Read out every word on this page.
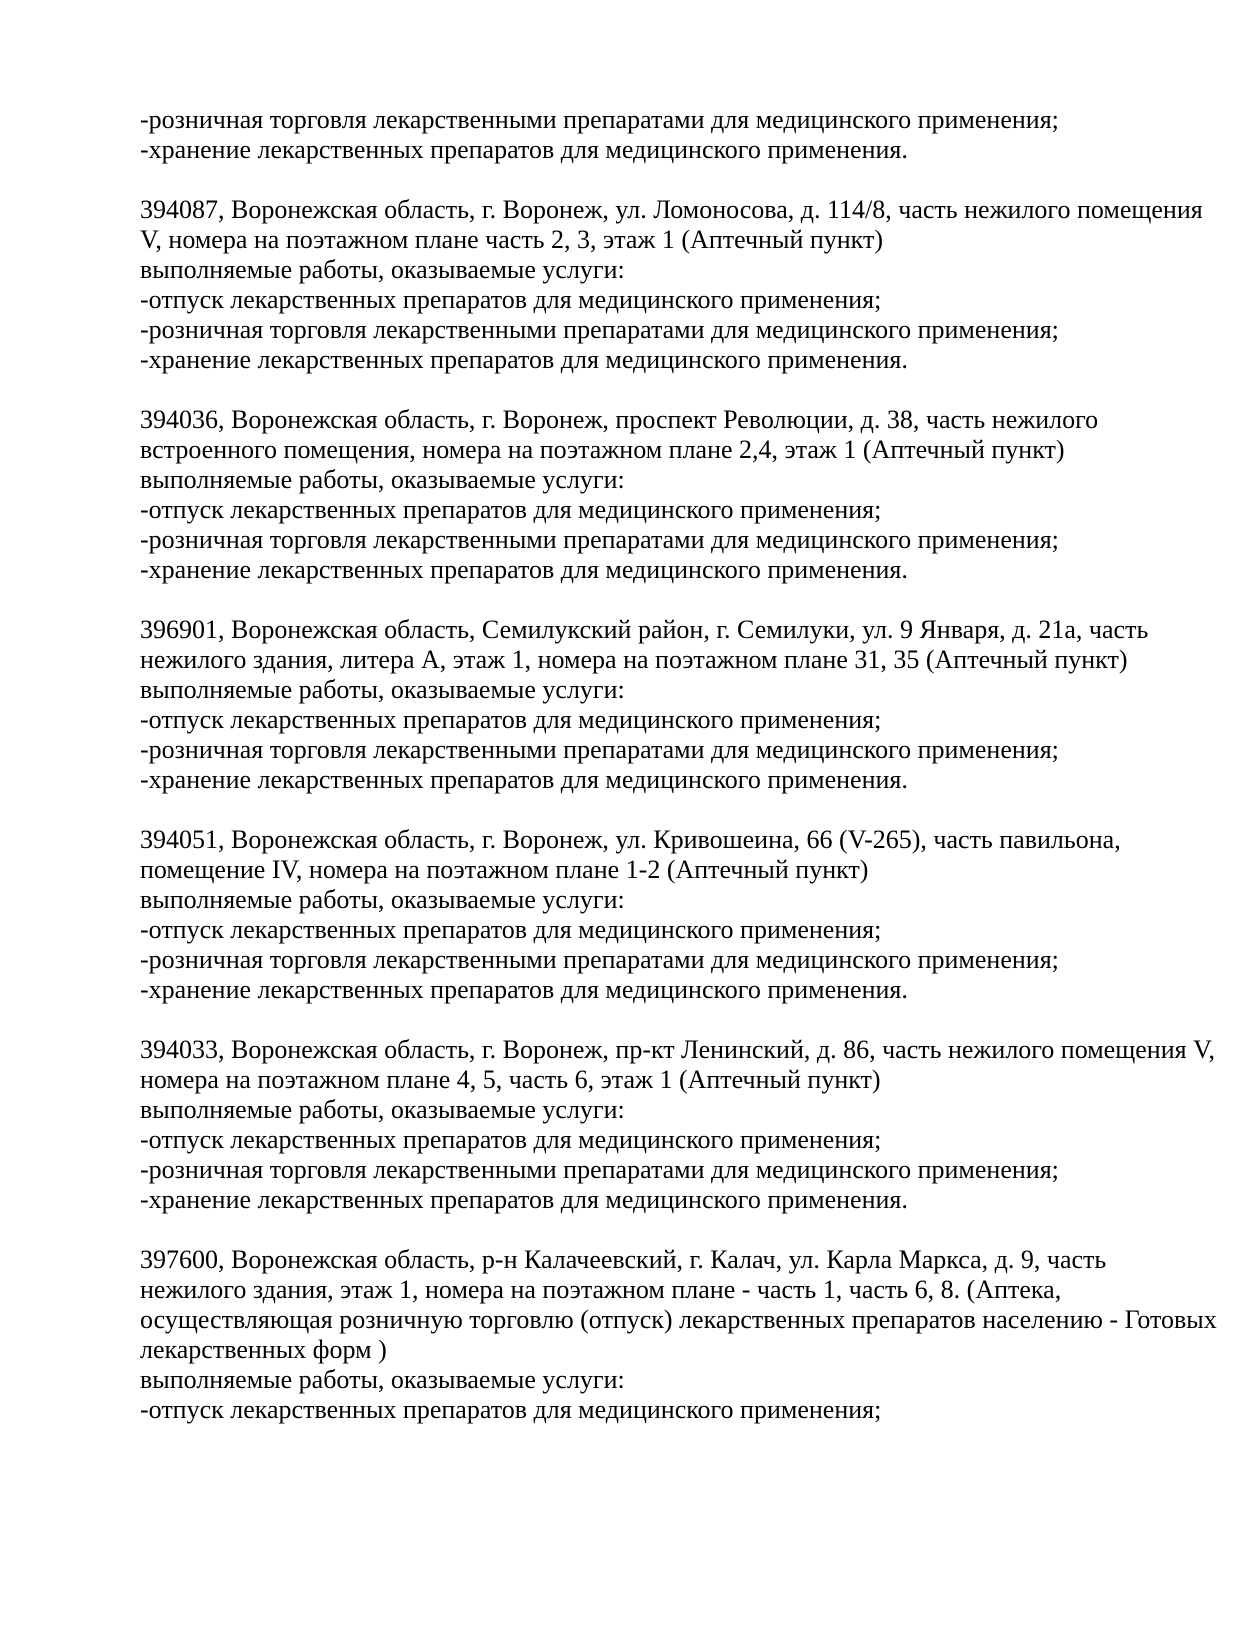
-розничная торговля лекарственными препаратами для медицинского применения;
-хранение лекарственных препаратов для медицинского применения.
394087, Воронежская область, г. Воронеж, ул. Ломоносова, д. 114/8, часть нежилого помещения
V, номера на поэтажном плане часть 2, 3, этаж 1 (Аптечный пункт)
выполняемые работы, оказываемые услуги:
-отпуск лекарственных препаратов для медицинского применения;
-розничная торговля лекарственными препаратами для медицинского применения;
-хранение лекарственных препаратов для медицинского применения.
394036, Воронежская область, г. Воронеж, проспект Революции, д. 38, часть нежилого
встроенного помещения, номера на поэтажном плане 2,4, этаж 1 (Аптечный пункт)
выполняемые работы, оказываемые услуги:
-отпуск лекарственных препаратов для медицинского применения;
-розничная торговля лекарственными препаратами для медицинского применения;
-хранение лекарственных препаратов для медицинского применения.
396901, Воронежская область, Семилукский район, г. Семилуки, ул. 9 Января, д. 21а, часть
нежилого здания, литера А, этаж 1, номера на поэтажном плане 31, 35 (Аптечный пункт)
выполняемые работы, оказываемые услуги:
-отпуск лекарственных препаратов для медицинского применения;
-розничная торговля лекарственными препаратами для медицинского применения;
-хранение лекарственных препаратов для медицинского применения.
394051, Воронежская область, г. Воронеж, ул. Кривошеина, 66 (V-265), часть павильона,
помещение IV, номера на поэтажном плане 1-2 (Аптечный пункт)
выполняемые работы, оказываемые услуги:
-отпуск лекарственных препаратов для медицинского применения;
-розничная торговля лекарственными препаратами для медицинского применения;
-хранение лекарственных препаратов для медицинского применения.
394033, Воронежская область, г. Воронеж, пр-кт Ленинский, д. 86, часть нежилого помещения V,
номера на поэтажном плане 4, 5, часть 6, этаж 1 (Аптечный пункт)
выполняемые работы, оказываемые услуги:
-отпуск лекарственных препаратов для медицинского применения;
-розничная торговля лекарственными препаратами для медицинского применения;
-хранение лекарственных препаратов для медицинского применения.
397600, Воронежская область, р-н Калачеевский, г. Калач, ул. Карла Маркса, д. 9, часть
нежилого здания, этаж 1, номера на поэтажном плане - часть 1, часть 6, 8. (Аптека,
осуществляющая розничную торговлю (отпуск) лекарственных препаратов населению - Готовых
лекарственных форм )
выполняемые работы, оказываемые услуги:
-отпуск лекарственных препаратов для медицинского применения;
